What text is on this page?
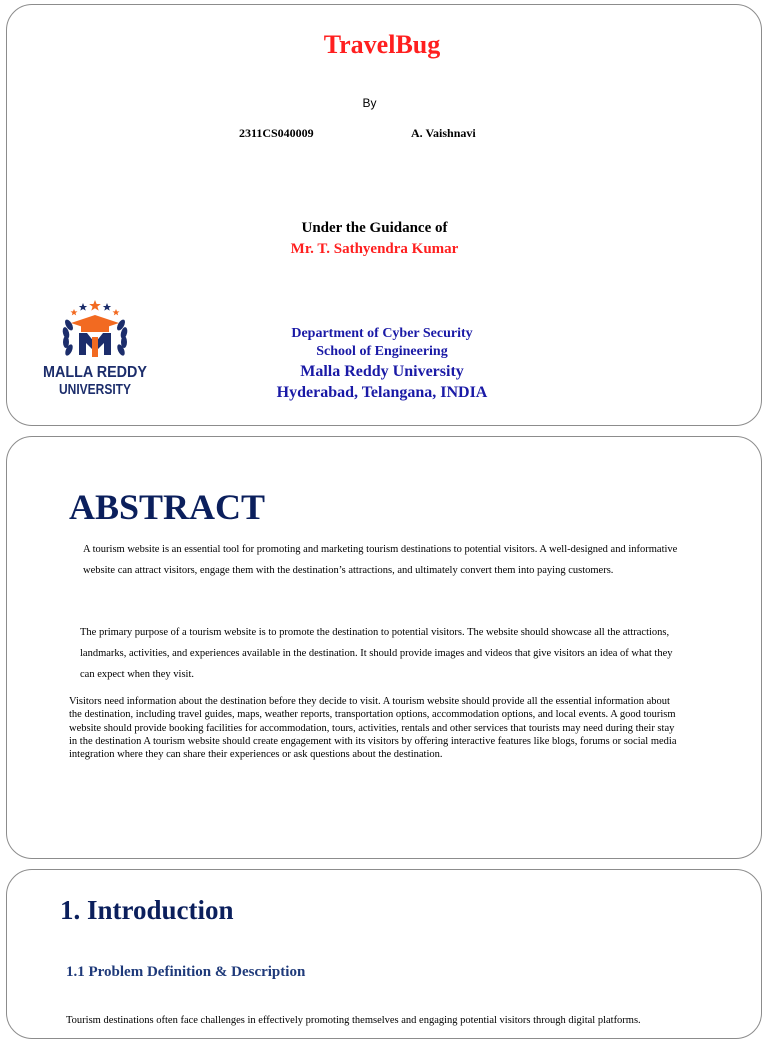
TravelBug
By
2311CS040009	A. Vaishnavi
Under the Guidance of
Mr. T. Sathyendra Kumar
MALLA REDDY
UNIVERSITY
Department of Cyber Security
School of Engineering
Malla Reddy University
Hyderabad, Telangana, INDIA
ABSTRACT
A tourism website is an essential tool for promoting and marketing tourism destinations to potential visitors. A well-designed and informative website can attract visitors, engage them with the destination’s attractions, and ultimately convert them into paying customers.
The primary purpose of a tourism website is to promote the destination to potential visitors. The website should showcase all the attractions, landmarks, activities, and experiences available in the destination. It should provide images and videos that give visitors an idea of what they can expect when they visit.
Visitors need information about the destination before they decide to visit. A tourism website should provide all the essential information about the destination, including travel guides, maps, weather reports, transportation options, accommodation options, and local events. A good tourism website should provide booking facilities for accommodation, tours, activities, rentals and other services that tourists may need during their stay in the destination A tourism website should create engagement with its visitors by offering interactive features like blogs, forums or social media integration where they can share their experiences or ask questions about the destination.
1. Introduction
1.1 Problem Definition & Description
Tourism destinations often face challenges in effectively promoting themselves and engaging potential visitors through digital platforms.
